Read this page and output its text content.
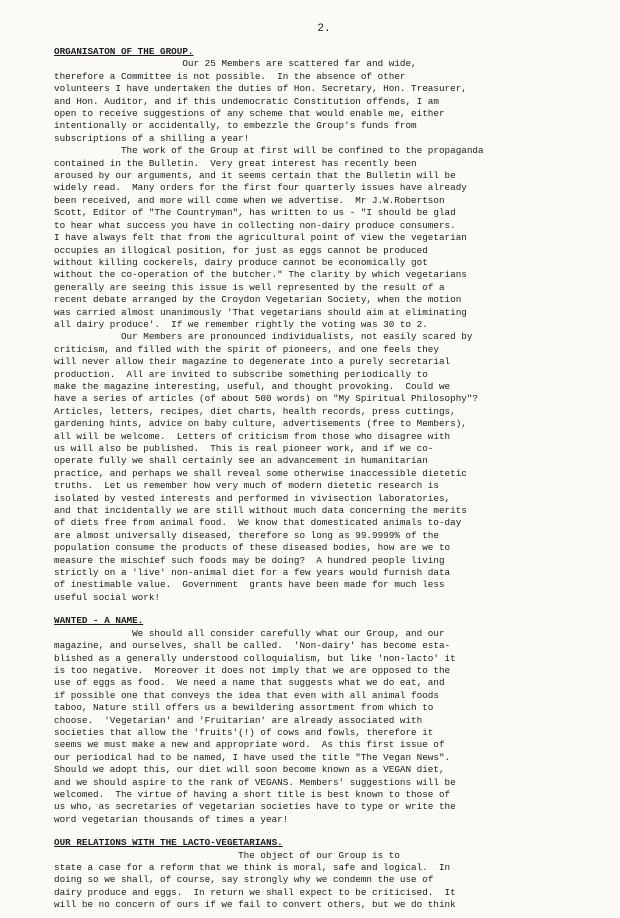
2.
ORGANISATON OF THE GROUP.
Our 25 Members are scattered far and wide,
therefore a Committee is not possible.  In the absence of other
volunteers I have undertaken the duties of Hon. Secretary, Hon. Treasurer,
and Hon. Auditor, and if this undemocratic Constitution offends, I am
open to receive suggestions of any scheme that would enable me, either
intentionally or accidentally, to embezzle the Group's funds from
subscriptions of a shilling a year!
The work of the Group at first will be confined to the propaganda
contained in the Bulletin.  Very great interest has recently been
aroused by our arguments, and it seems certain that the Bulletin will be
widely read.  Many orders for the first four quarterly issues have already
been received, and more will come when we advertise.  Mr J.W.Robertson
Scott, Editor of "The Countryman", has written to us - "I should be glad
to hear what success you have in collecting non-dairy produce consumers.
I have always felt that from the agricultural point of view the vegetarian
occupies an illogical position, for just as eggs cannot be produced
without killing cockerels, dairy produce cannot be economically got
without the co-operation of the butcher." The clarity by which vegetarians
generally are seeing this issue is well represented by the result of a
recent debate arranged by the Croydon Vegetarian Society, when the motion
was carried almost unanimously 'That vegetarians should aim at eliminating
all dairy produce'.  If we remember rightly the voting was 30 to 2.
Our Members are pronounced individualists, not easily scared by
criticism, and filled with the spirit of pioneers, and one feels they
will never allow their magazine to degenerate into a purely secretarial
production.  All are invited to subscribe something periodically to
make the magazine interesting, useful, and thought provoking.  Could we
have a series of articles (of about 500 words) on "My Spiritual Philosophy"?
Articles, letters, recipes, diet charts, health records, press cuttings,
gardening hints, advice on baby culture, advertisements (free to Members),
all will be welcome.  Letters of criticism from those who disagree with
us will also be published.  This is real pioneer work, and if we co-
operate fully we shall certainly see an advancement in humanitarian
practice, and perhaps we shall reveal some otherwise inaccessible dietetic
truths.  Let us remember how very much of modern dietetic research is
isolated by vested interests and performed in vivisection laboratories,
and that incidentally we are still without much data concerning the merits
of diets free from animal food.  We know that domesticated animals to-day
are almost universally diseased, therefore so long as 99.9999% of the
population consume the products of these diseased bodies, how are we to
measure the mischief such foods may be doing?  A hundred people living
strictly on a 'live' non-animal diet for a few years would furnish data
of inestimable value.  Government  grants have been made for much less
useful social work!
WANTED - A NAME.
We should all consider carefully what our Group, and our
magazine, and ourselves, shall be called.  'Non-dairy' has become esta-
blished as a generally understood colloquialism, but like 'non-lacto' it
is too negative.  Moreover it does not imply that we are opposed to the
use of eggs as food.  We need a name that suggests what we do eat, and
if possible one that conveys the idea that even with all animal foods
taboo, Nature still offers us a bewildering assortment from which to
choose.  'Vegetarian' and 'Fruitarian' are already associated with
societies that allow the 'fruits'(!) of cows and fowls, therefore it
seems we must make a new and appropriate word.  As this first issue of
our periodical had to be named, I have used the title "The Vegan News".
Should we adopt this, our diet will soon become known as a VEGAN diet,
and we should aspire to the rank of VEGANS. Members' suggestions will be
welcomed.  The virtue of having a short title is best known to those of
us who, as secretaries of vegetarian societies have to type or write the
word vegetarian thousands of times a year!
OUR RELATIONS WITH THE LACTO-VEGETARIANS.
The object of our Group is to
state a case for a reform that we think is moral, safe and logical.  In
doing so we shall, of course, say strongly why we condemn the use of
dairy produce and eggs.  In return we shall expect to be criticised.  It
will be no concern of ours if we fail to convert others, but we do think
